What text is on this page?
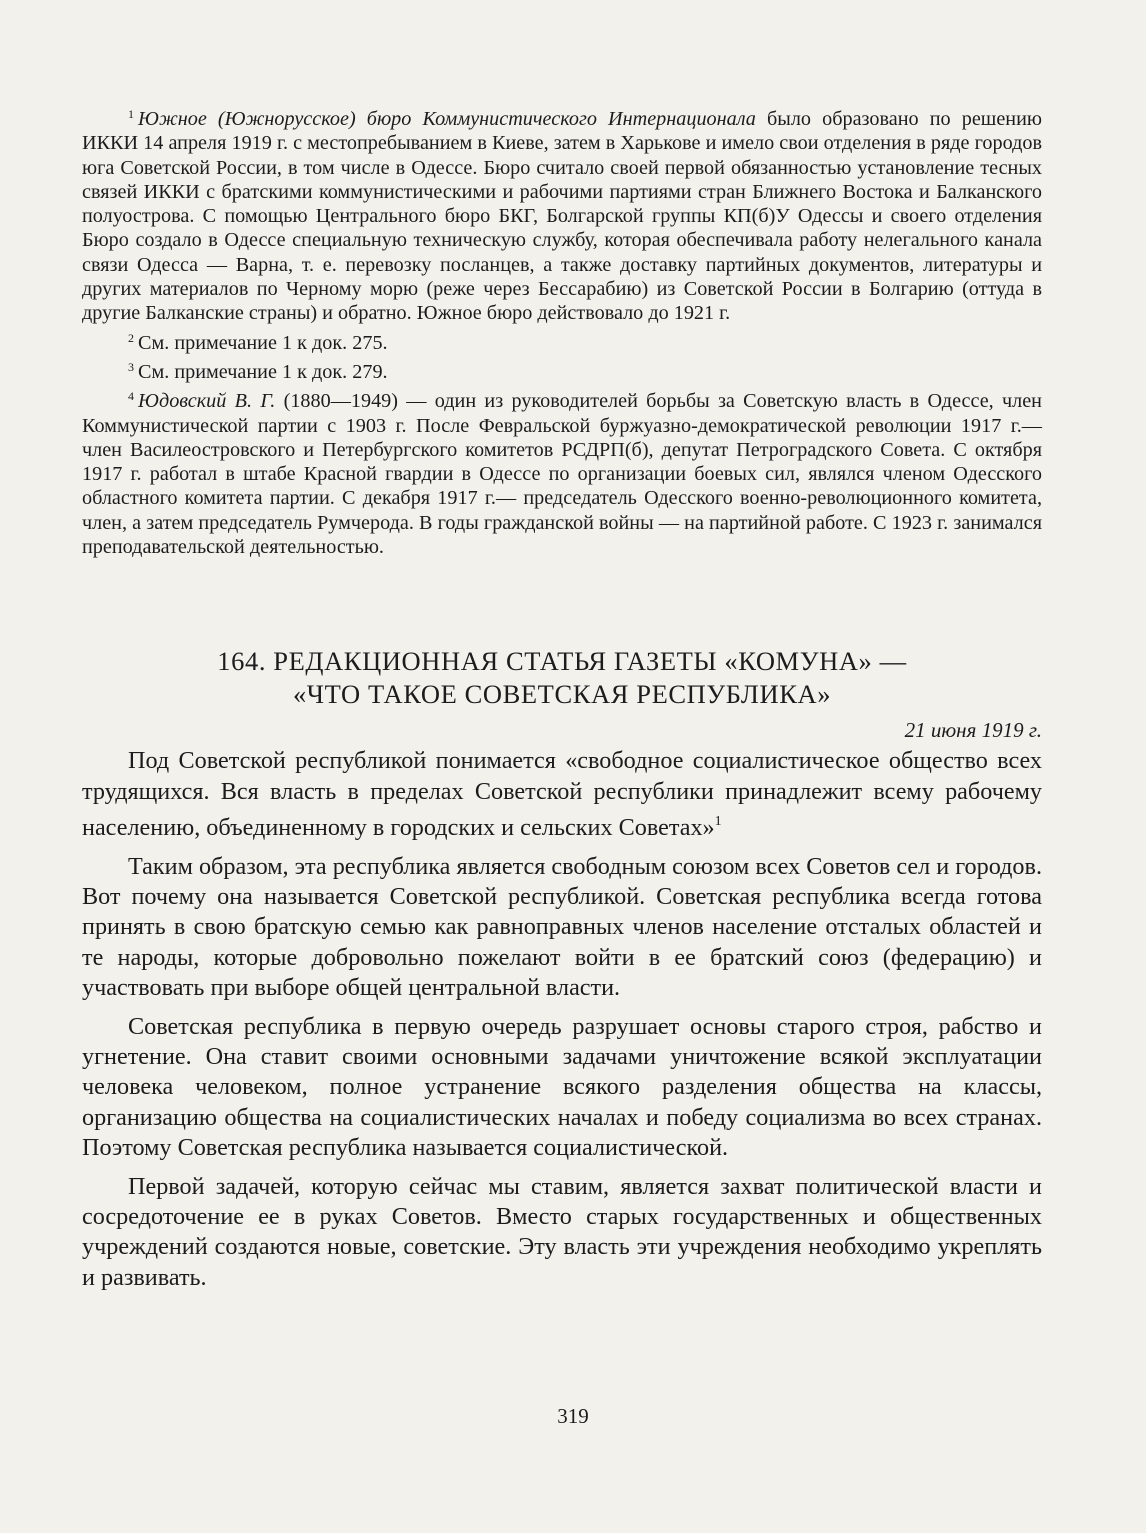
$^1$ Южное (Южнорусское) бюро Коммунистического Интернационала было образовано по решению ИККИ 14 апреля 1919 г. с местопребыванием в Киеве, затем в Харькове и имело свои отделения в ряде городов юга Советской России, в том числе в Одессе. Бюро считало своей первой обязанностью установление тесных связей ИККИ с братскими коммунистическими и рабочими партиями стран Ближнего Востока и Балканского полуострова. С помощью Центрального бюро БКГ, Болгарской группы КП(б)У Одессы и своего отделения Бюро создало в Одессе специальную техническую службу, которая обеспечивала работу нелегального канала связи Одесса — Варна, т. е. перевозку посланцев, а также доставку партийных документов, литературы и других материалов по Черному морю (реже через Бессарабию) из Советской России в Болгарию (оттуда в другие Балканские страны) и обратно. Южное бюро действовало до 1921 г.

$^2$ См. примечание 1 к док. 275.

$^3$ См. примечание 1 к док. 279.

$^4$ Юдовский В. Г. (1880—1949) — один из руководителей борьбы за Советскую власть в Одессе, член Коммунистической партии с 1903 г. После Февральской буржуазно-демократической революции 1917 г.— член Василеостровского и Петербургского комитетов РСДРП(б), депутат Петроградского Совета. С октября 1917 г. работал в штабе Красной гвардии в Одессе по организации боевых сил, являлся членом Одесского областного комитета партии. С декабря 1917 г.— председатель Одесского военно-революционного комитета, член, а затем председатель Румчерода. В годы гражданской войны — на партийной работе. С 1923 г. занимался преподавательской деятельностью.

164. РЕДАКЦИОННАЯ СТАТЬЯ ГАЗЕТЫ «КОМУНА» —
«ЧТО ТАКОЕ СОВЕТСКАЯ РЕСПУБЛИКА»
21 июня 1919 г.

Под Советской республикой понимается «свободное социалистическое общество всех трудящихся. Вся власть в пределах Советской республики принадлежит всему рабочему населению, объединенному в городских и сельских Советах»$^1$

Таким образом, эта республика является свободным союзом всех Советов сел и городов. Вот почему она называется Советской республикой. Советская республика всегда готова принять в свою братскую семью как равноправных членов население отсталых областей и те народы, которые добровольно пожелают войти в ее братский союз (федерацию) и участвовать при выборе общей центральной власти.

Советская республика в первую очередь разрушает основы старого строя, рабство и угнетение. Она ставит своими основными задачами уничтожение всякой эксплуатации человека человеком, полное устранение всякого разделения общества на классы, организацию общества на социалистических началах и победу социализма во всех странах. Поэтому Советская республика называется социалистической.

Первой задачей, которую сейчас мы ставим, является захват политической власти и сосредоточение ее в руках Советов. Вместо старых государственных и общественных учреждений создаются новые, советские. Эту власть эти учреждения необходимо укреплять и развивать.

319
